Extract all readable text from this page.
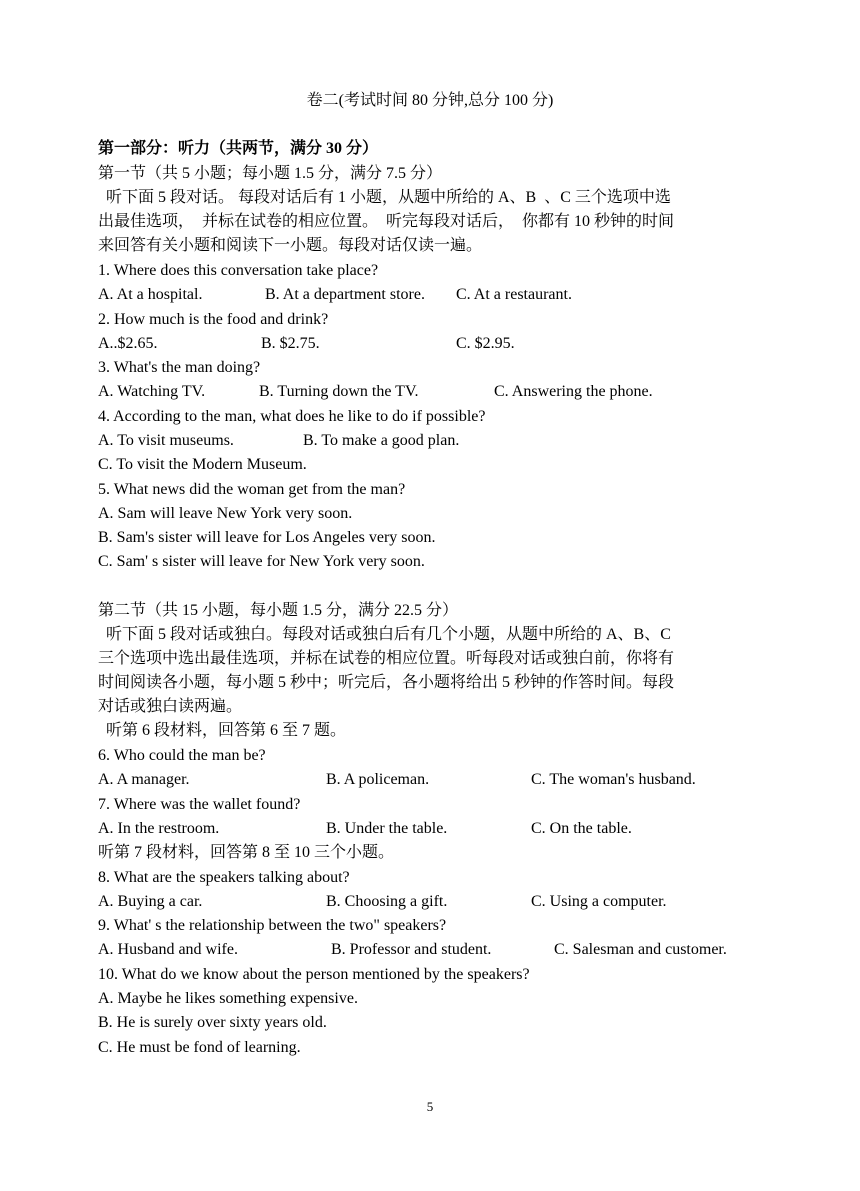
卷二(考试时间 80 分钟,总分 100 分)
第一部分：听力（共两节，满分 30 分）
第一节（共 5 小题；每小题 1.5 分，满分 7.5 分）
听下面 5 段对话。 每段对话后有 1 小题，从题中所给的 A、B  、C 三个选项中选
出最佳选项，  并标在试卷的相应位置。  听完每段对话后，  你都有 10 秒钟的时间
来回答有关小题和阅读下一小题。每段对话仅读一遍。
1. Where does this conversation take place?
A. At a hospital.	B. At a department store. C. At a restaurant.
2. How much is the food and drink?
A..$2.65.	B. $2.75.	C. $2.95.
3. What's the man doing?
A. Watching TV.	B. Turning down the TV.	C. Answering the phone.
4. According to the man, what does he like to do if possible?
A. To visit museums.	B. To make a good plan.
C. To visit the Modern Museum.
5. What news did the woman get from the man?
A. Sam will leave New York very soon.
B. Sam's sister will leave for Los Angeles very soon.
C. Sam' s sister will leave for New York very soon.
第二节（共 15 小题，每小题 1.5 分，满分 22.5 分）
听下面 5 段对话或独白。每段对话或独白后有几个小题，从题中所给的 A、B、C
三个选项中选出最佳选项，并标在试卷的相应位置。听每段对话或独白前，你将有
时间阅读各小题，每小题 5 秒中；听完后，各小题将给出 5 秒钟的作答时间。每段
对话或独白读两遍。
听第 6 段材料，回答第 6 至 7 题。
6. Who could the man be?
A. A manager.	B. A policeman.	C. The woman's husband.
7. Where was the wallet found?
A. In the restroom.	B. Under the table.	C. On the table.
听第 7 段材料，回答第 8 至 10 三个小题。
8. What are the speakers talking about?
A. Buying a car.	B. Choosing a gift.	C. Using a computer.
9. What' s the relationship between the two" speakers?
A. Husband and wife.	B. Professor and student.	C. Salesman and customer.
10. What do we know about the person mentioned by the speakers?
A. Maybe he likes something expensive.
B. He is surely over sixty years old.
C. He must be fond of learning.
5
